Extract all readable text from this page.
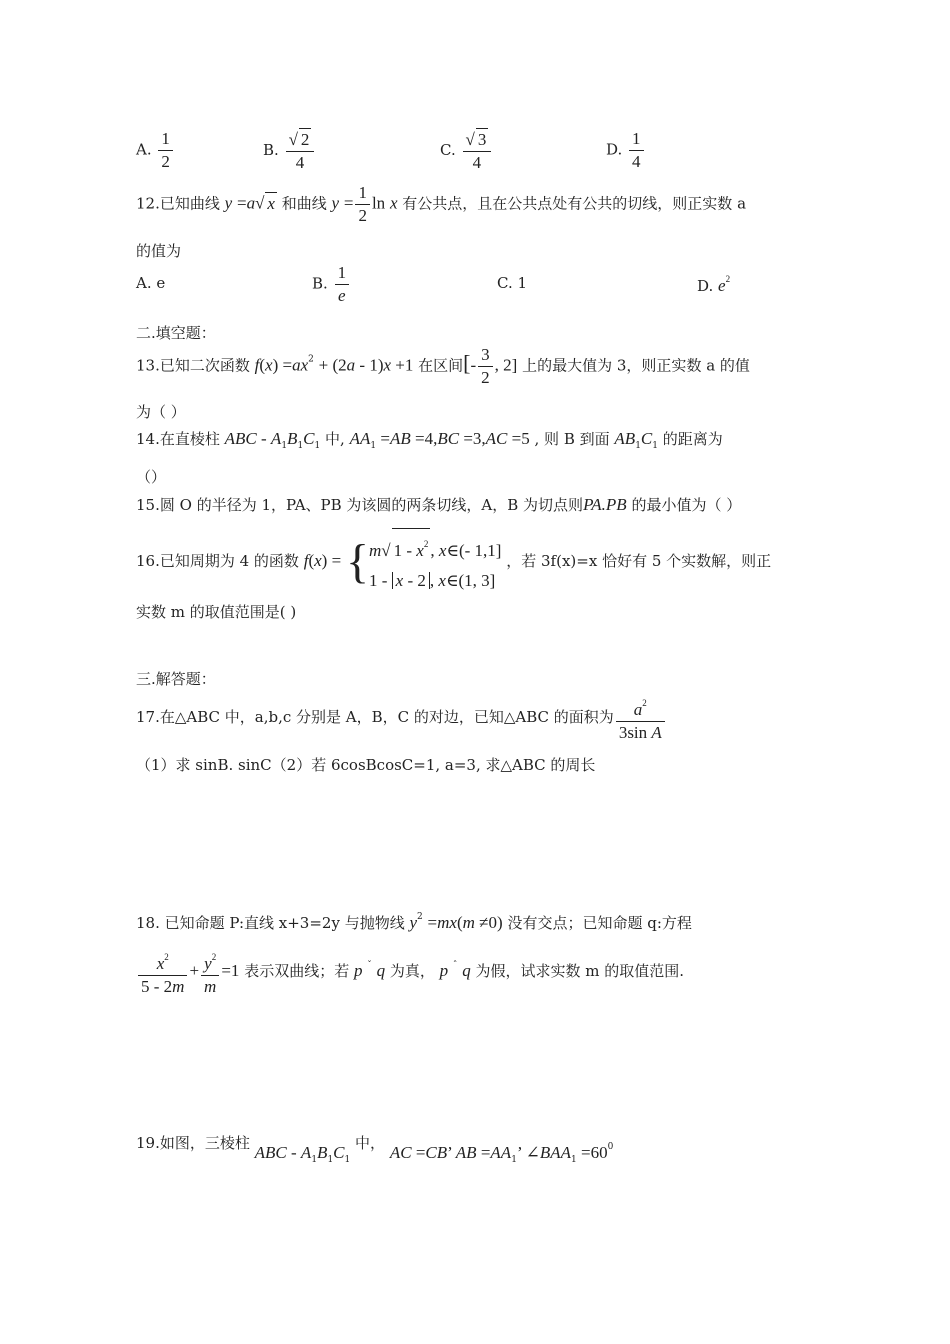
A. $\frac{1}{2}$	B. $\frac{√ 2}{4}$	C. $\frac{√ 3}{4}$	D. $\frac{1}{4}$
12.已知曲线 y =a√ x 和曲线 $y = \frac{1}{2}$ ln x 有公共点，且在公共点处有公共的切线，则正实数 a
的值为
A. e	B. $\frac{1}{e}$	C. 1	D. $e^2$
二.填空题：
13.已知二次函数 $f(x) =ax^2 + (2a - 1)x +1$ 在区间[- $\frac{3}{2}$ , 2] 上的最大值为 3，则正实数 a 的值
为（ ）
14.在直棱柱 ABC - $A_1B_1C_1$ 中, $AA_1 =AB =4,BC =3,AC =5$ , 则 B 到面 $AB_1C_1$ 的距离为
（）
15.圆 O 的半径为 1，PA、PB 为该圆的两条切线，A，B 为切点则PA.PB 的最小值为（ ）
16.已知周期为 4 的函数 f(x) = { m√ $1 - x^2$ , x∈(- 1,1]
1 - x - 2 , x∈(1, 3]
，若 3f(x)=x 恰好有 5 个实数解，则正
实数 m 的取值范围是( )
三.解答题：
17.在△ABC 中，a,b,c 分别是 A，B，C 的对边，已知△ABC 的面积为 $\frac{a^2}{\text{3sin A}}$
（1）求 sinB. sinC（2）若 6cosBcosC=1, a=3, 求△ABC 的周长
18. 已知命题 P:直线 x+3=2y 与抛物线 $y^2 =mx(m \ne 0)$ 没有交点；已知命题 q:方程
$\frac{x^2}{5 - 2m} + \frac{y^2}{m} =1$ 表示双曲线；若 p $^ˇ$ q 为真， p $^ˆ$ q 为假，试求实数 m 的取值范围.
19.如图，三棱柱 ABC - $A_1B_1C_1$ 中， AC =CB’ AB $=AA_1$’ $\angle BAA_1 =60^0$
